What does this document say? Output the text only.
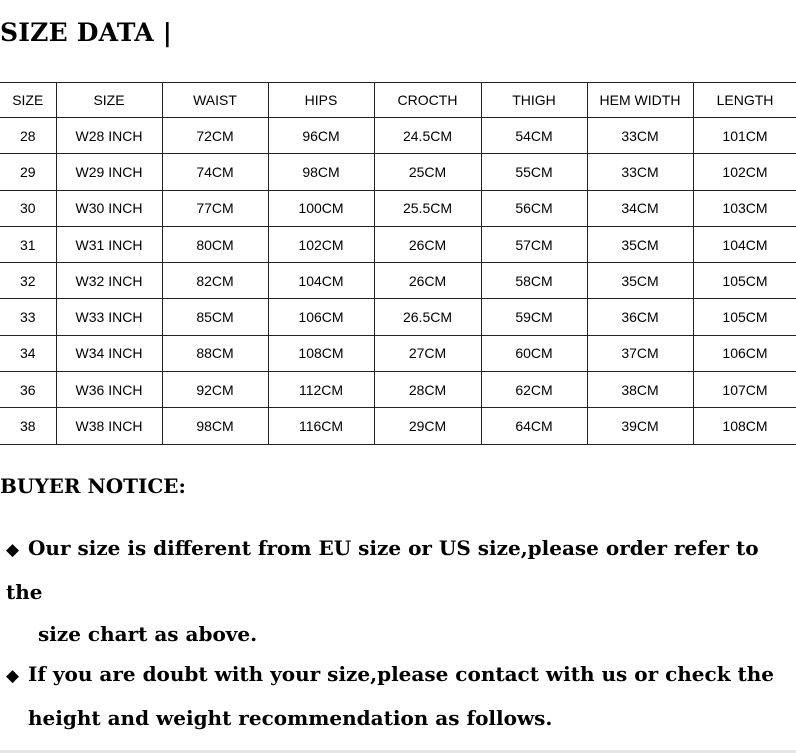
SIZE DATA |
SIZE	SIZE	WAIST	HIPS	CROCTH	THIGH	HEM WIDTH	LENGTH
28	W28 INCH	72CM	96CM	24.5CM	54CM	33CM	101CM
29	W29 INCH	74CM	98CM	25CM	55CM	33CM	102CM
30	W30 INCH	77CM	100CM	25.5CM	56CM	34CM	103CM
31	W31 INCH	80CM	102CM	26CM	57CM	35CM	104CM
32	W32 INCH	82CM	104CM	26CM	58CM	35CM	105CM
33	W33 INCH	85CM	106CM	26.5CM	59CM	36CM	105CM
34	W34 INCH	88CM	108CM	27CM	60CM	37CM	106CM
36	W36 INCH	92CM	112CM	28CM	62CM	38CM	107CM
38	W38 INCH	98CM	116CM	29CM	64CM	39CM	108CM
BUYER NOTICE:
◆ Our size is different from EU size or US size,please order refer to the
size chart as above.
◆ If you are doubt with your size,please contact with us or check the
height and weight recommendation as follows.
